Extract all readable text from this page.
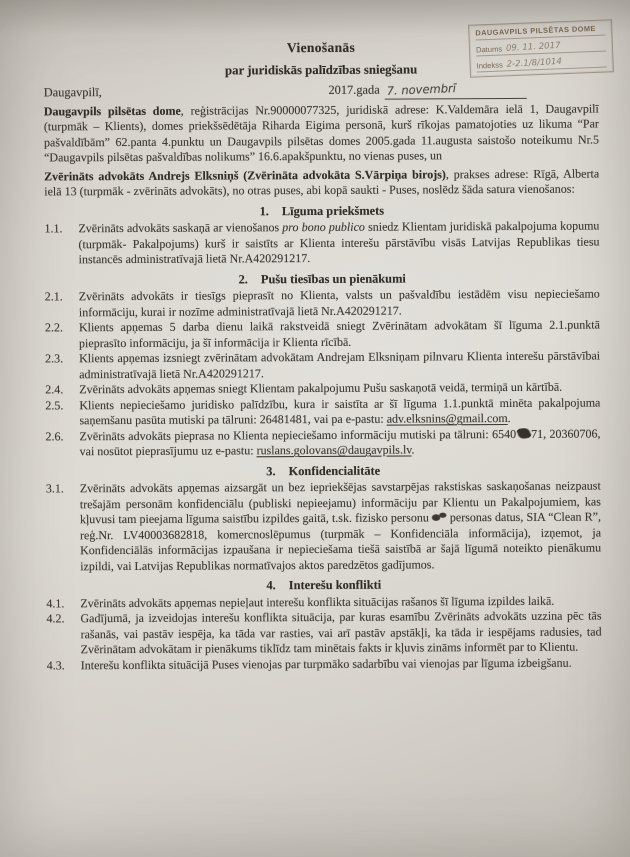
DAUGAVPILS PILSĒTAS DOME
Datums 09. 11. 2017
Indekss 2-2.1/8/1014
Vienošanās
par juridiskās palīdzības sniegšanu
Daugavpilī,	2017.gada 7. novembrī

Daugavpils pilsētas dome, reģistrācijas Nr.90000077325, juridiskā adrese: K.Valdemāra ielā 1, Daugavpilī (turpmāk – Klients), domes priekšsēdētāja Riharda Eigima personā, kurš rīkojas pamatojoties uz likuma “Par pašvaldībām” 62.panta 4.punktu un Daugavpils pilsētas domes 2005.gada 11.augusta saistošo noteikumu Nr.5 “Daugavpils pilsētas pašvaldības nolikums” 16.6.apakšpunktu, no vienas puses, un

Zvērināts advokāts Andrejs Elksniņš (Zvērināta advokāta S.Vārpiņa birojs), prakses adrese: Rīgā, Alberta ielā 13 (turpmāk - zvērināts advokāts), no otras puses, abi kopā saukti - Puses, noslēdz šāda satura vienošanos:

1. Līguma priekšmets
1.1.	Zvērināts advokāts saskaņā ar vienošanos pro bono publico sniedz Klientam juridiskā pakalpojuma kopumu (turpmāk- Pakalpojums) kurš ir saistīts ar Klienta interešu pārstāvību visās Latvijas Republikas tiesu instancēs administratīvajā lietā Nr.A420291217.
2. Pušu tiesības un pienākumi
2.1.	Zvērināts advokāts ir tiesīgs pieprasīt no Klienta, valsts un pašvaldību iestādēm visu nepieciešamo informāciju, kurai ir nozīme administratīvajā lietā Nr.A420291217.
2.2.	Klients apņemas 5 darba dienu laikā rakstveidā sniegt Zvērinātam advokātam šī līguma 2.1.punktā pieprasīto informāciju, ja šī informācija ir Klienta rīcībā.
2.3.	Klients apņemas izsniegt zvērinātam advokātam Andrejam Elksniņam pilnvaru Klienta interešu pārstāvībai administratīvajā lietā Nr.A420291217.
2.4.	Zvērināts advokāts apņemas sniegt Klientam pakalpojumu Pušu saskaņotā veidā, termiņā un kārtībā.
2.5.	Klients nepieciešamo juridisko palīdzību, kura ir saistīta ar šī līguma 1.1.punktā minēta pakalpojuma saņemšanu pasūta mutiski pa tālruni: 26481481, vai pa e-pastu: adv.elksnins@gmail.com.
2.6.	Zvērināts advokāts pieprasa no Klienta nepieciešamo informāciju mutiski pa tālruni: 6540 71, 20360706, vai nosūtot pieprasījumu uz e-pastu: ruslans.golovans@daugavpils.lv.
3. Konfidencialitāte
3.1.	Zvērināts advokāts apņemas aizsargāt un bez iepriekšējas savstarpējas rakstiskas saskaņošanas neizpaust trešajām personām konfidenciālu (publiski nepieejamu) informāciju par Klientu un Pakalpojumiem, kas kļuvusi tam pieejama līguma saistību izpildes gaitā, t.sk. fizisko personu personas datus, SIA “Clean R”, reģ.Nr. LV40003682818, komercnoslēpumus (turpmāk – Konfidenciāla informācija), izņemot, ja Konfidenciālās informācijas izpaušana ir nepieciešama tiešā saistībā ar šajā līgumā noteikto pienākumu izpildi, vai Latvijas Republikas normatīvajos aktos paredzētos gadījumos.
4. Interešu konflikti
4.1.	Zvērināts advokāts apņemas nepieļaut interešu konflikta situācijas rašanos šī līguma izpildes laikā.
4.2.	Gadījumā, ja izveidojas interešu konflikta situācija, par kuras esamību Zvērināts advokāts uzzina pēc tās rašanās, vai pastāv iespēja, ka tāda var rasties, vai arī pastāv apstākļi, ka tāda ir iespējams radusies, tad Zvērinātam advokātam ir pienākums tiklīdz tam minētais fakts ir kļuvis zināms informēt par to Klientu.
4.3.	Interešu konflikta situācijā Puses vienojas par turpmāko sadarbību vai vienojas par līguma izbeigšanu.
